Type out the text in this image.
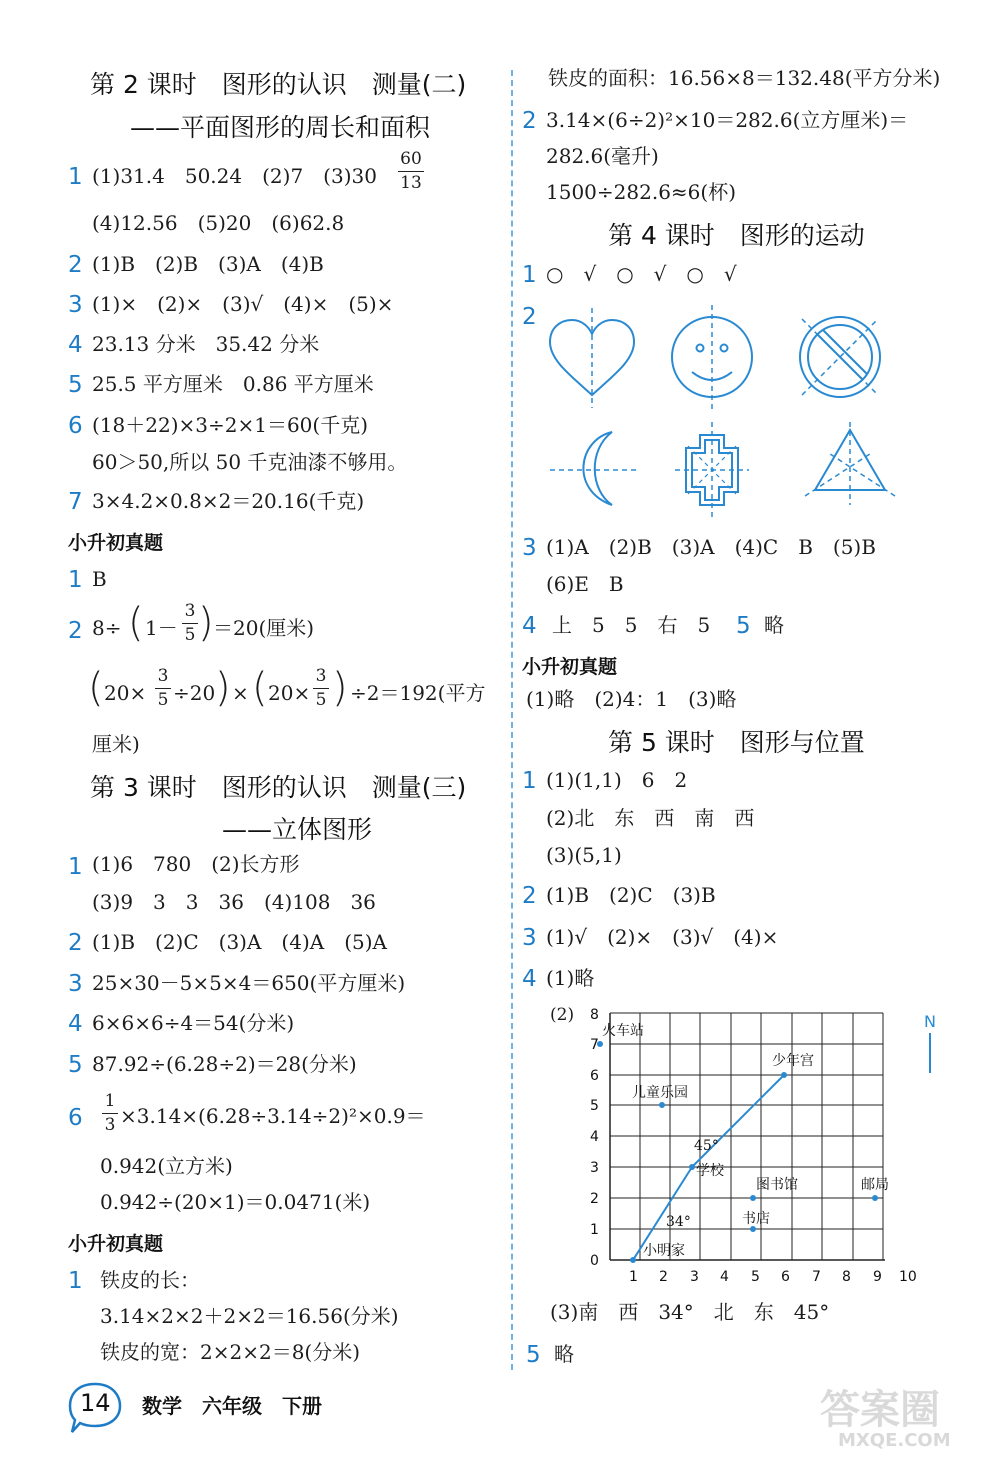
第 2 课时　图形的认识　测量(二)
——平面图形的周长和面积
1 (1)31.4　50.24　(2)7　(3)30
60
13
(4)12.56　(5)20　(6)62.8
2 (1)B　(2)B　(3)A　(4)B
3 (1)×　(2)×　(3)√　(4)×　(5)×
4 23.13 分米　35.42 分米
5 25.5 平方厘米　0.86 平方厘米
6 (18＋22)×3÷2×1＝60(千克)
60＞50,所以 50 千克油漆不够用。
7 3×4.2×0.8×2＝20.16(千克)
小升初真题
1 B
2 8÷ ( 1－
3
5 ) ＝20(厘米)
( 20×
3
5 ÷20 ) × ( 20×
3
5 ) ÷2＝192(平方
厘米)
第 3 课时　图形的认识　测量(三)
——立体图形
1 (1)6　780　(2)长方形
(3)9　3　3　36　(4)108　36
2 (1)B　(2)C　(3)A　(4)A　(5)A
3 25×30－5×5×4＝650(平方厘米)
4 6×6×6÷4＝54(分米)
5 87.92÷(6.28÷2)＝28(分米)
6
1
3 ×3.14×(6.28÷3.14÷2)²×0.9＝
0.942(立方米)
0.942÷(20×1)＝0.0471(米)
小升初真题
1 铁皮的长：
3.14×2×2＋2×2＝16.56(分米)
铁皮的宽：2×2×2＝8(分米)
14 数学　六年级　下册
铁皮的面积：16.56×8＝132.48(平方分米)
2 3.14×(6÷2)²×10＝282.6(立方厘米)＝
282.6(毫升)
1500÷282.6≈6(杯)
第 4 课时　图形的运动
1 ○　√　○　√　○　√
2
3 (1)A　(2)B　(3)A　(4)C　B　(5)B
(6)E　B
4 上　5　5　右　5 5 略
小升初真题
(1)略　(2)4：1　(3)略
第 5 课时　图形与位置
1 (1)(1,1)　6　2
(2)北　东　西　南　西
(3)(5,1)
2 (1)B　(2)C　(3)B
3 (1)√　(2)×　(3)√　(4)×
4 (1)略
(2) 8
7
6
5
4
3
2
1
0
1 2 3 4 5 6 7 8 9 10
火车站
少年宫
儿童乐园
学校
图书馆	邮局
书店
小明家
45°
34°
N
(3)南　西　34°　北　东　45°
5 略
答案圈
MXQE.COM
